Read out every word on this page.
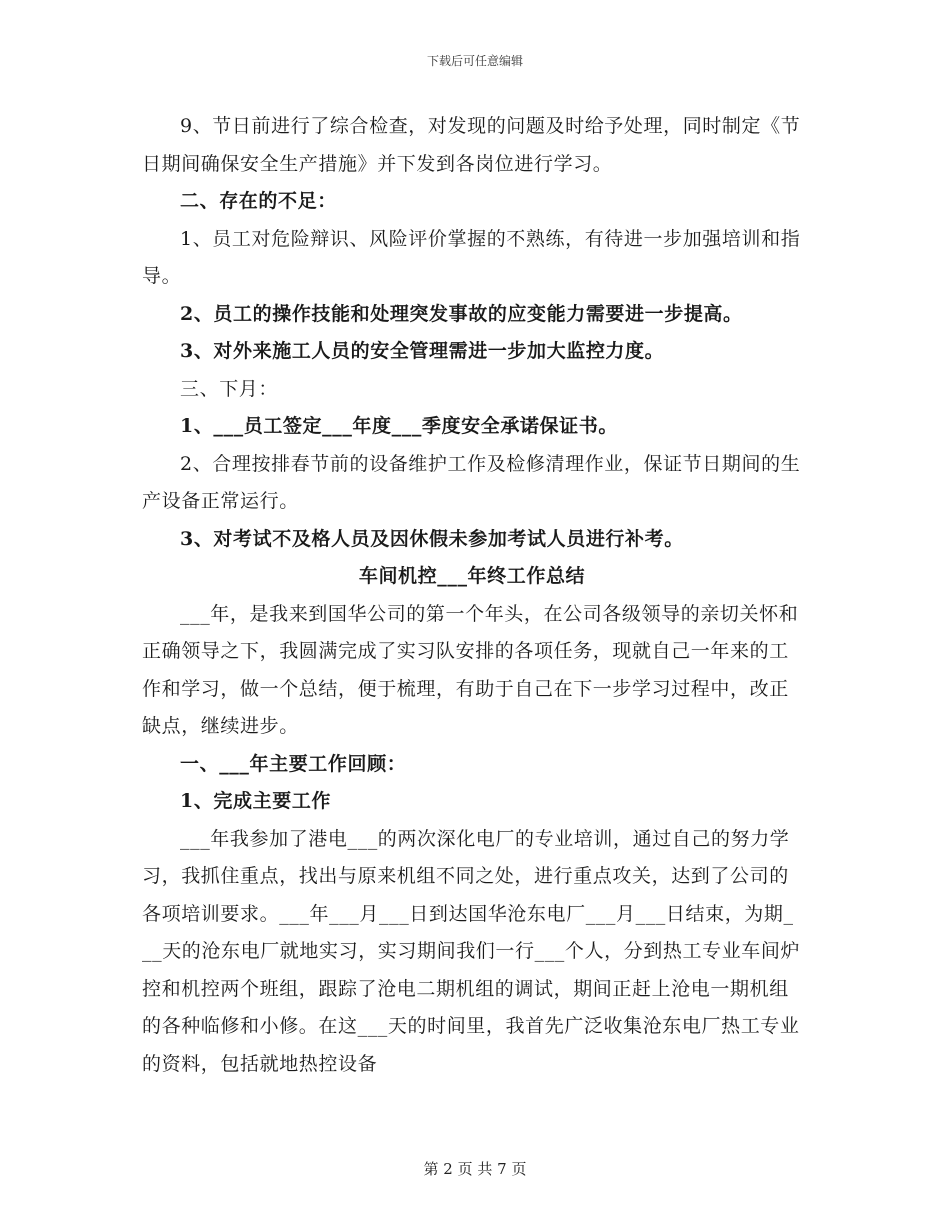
下载后可任意编辑

9、节日前进行了综合检查，对发现的问题及时给予处理，同时制定《节日期间确保安全生产措施》并下发到各岗位进行学习。

二、存在的不足：

1、员工对危险辩识、风险评价掌握的不熟练，有待进一步加强培训和指导。

2、员工的操作技能和处理突发事故的应变能力需要进一步提高。

3、对外来施工人员的安全管理需进一步加大监控力度。

三、下月：

1、___员工签定___年度___季度安全承诺保证书。

2、合理按排春节前的设备维护工作及检修清理作业，保证节日期间的生产设备正常运行。

3、对考试不及格人员及因休假未参加考试人员进行补考。

车间机控___年终工作总结

___年，是我来到国华公司的第一个年头，在公司各级领导的亲切关怀和正确领导之下，我圆满完成了实习队安排的各项任务，现就自己一年来的工作和学习，做一个总结，便于梳理，有助于自己在下一步学习过程中，改正缺点，继续进步。

一、___年主要工作回顾：

1、完成主要工作

___年我参加了港电___的两次深化电厂的专业培训，通过自己的努力学习，我抓住重点，找出与原来机组不同之处，进行重点攻关，达到了公司的各项培训要求。___年___月___日到达国华沧东电厂___月___日结束，为期___天的沧东电厂就地实习，实习期间我们一行___个人，分到热工专业车间炉控和机控两个班组，跟踪了沧电二期机组的调试，期间正赶上沧电一期机组的各种临修和小修。在这___天的时间里，我首先广泛收集沧东电厂热工专业的资料，包括就地热控设备

第 2 页 共 7 页
